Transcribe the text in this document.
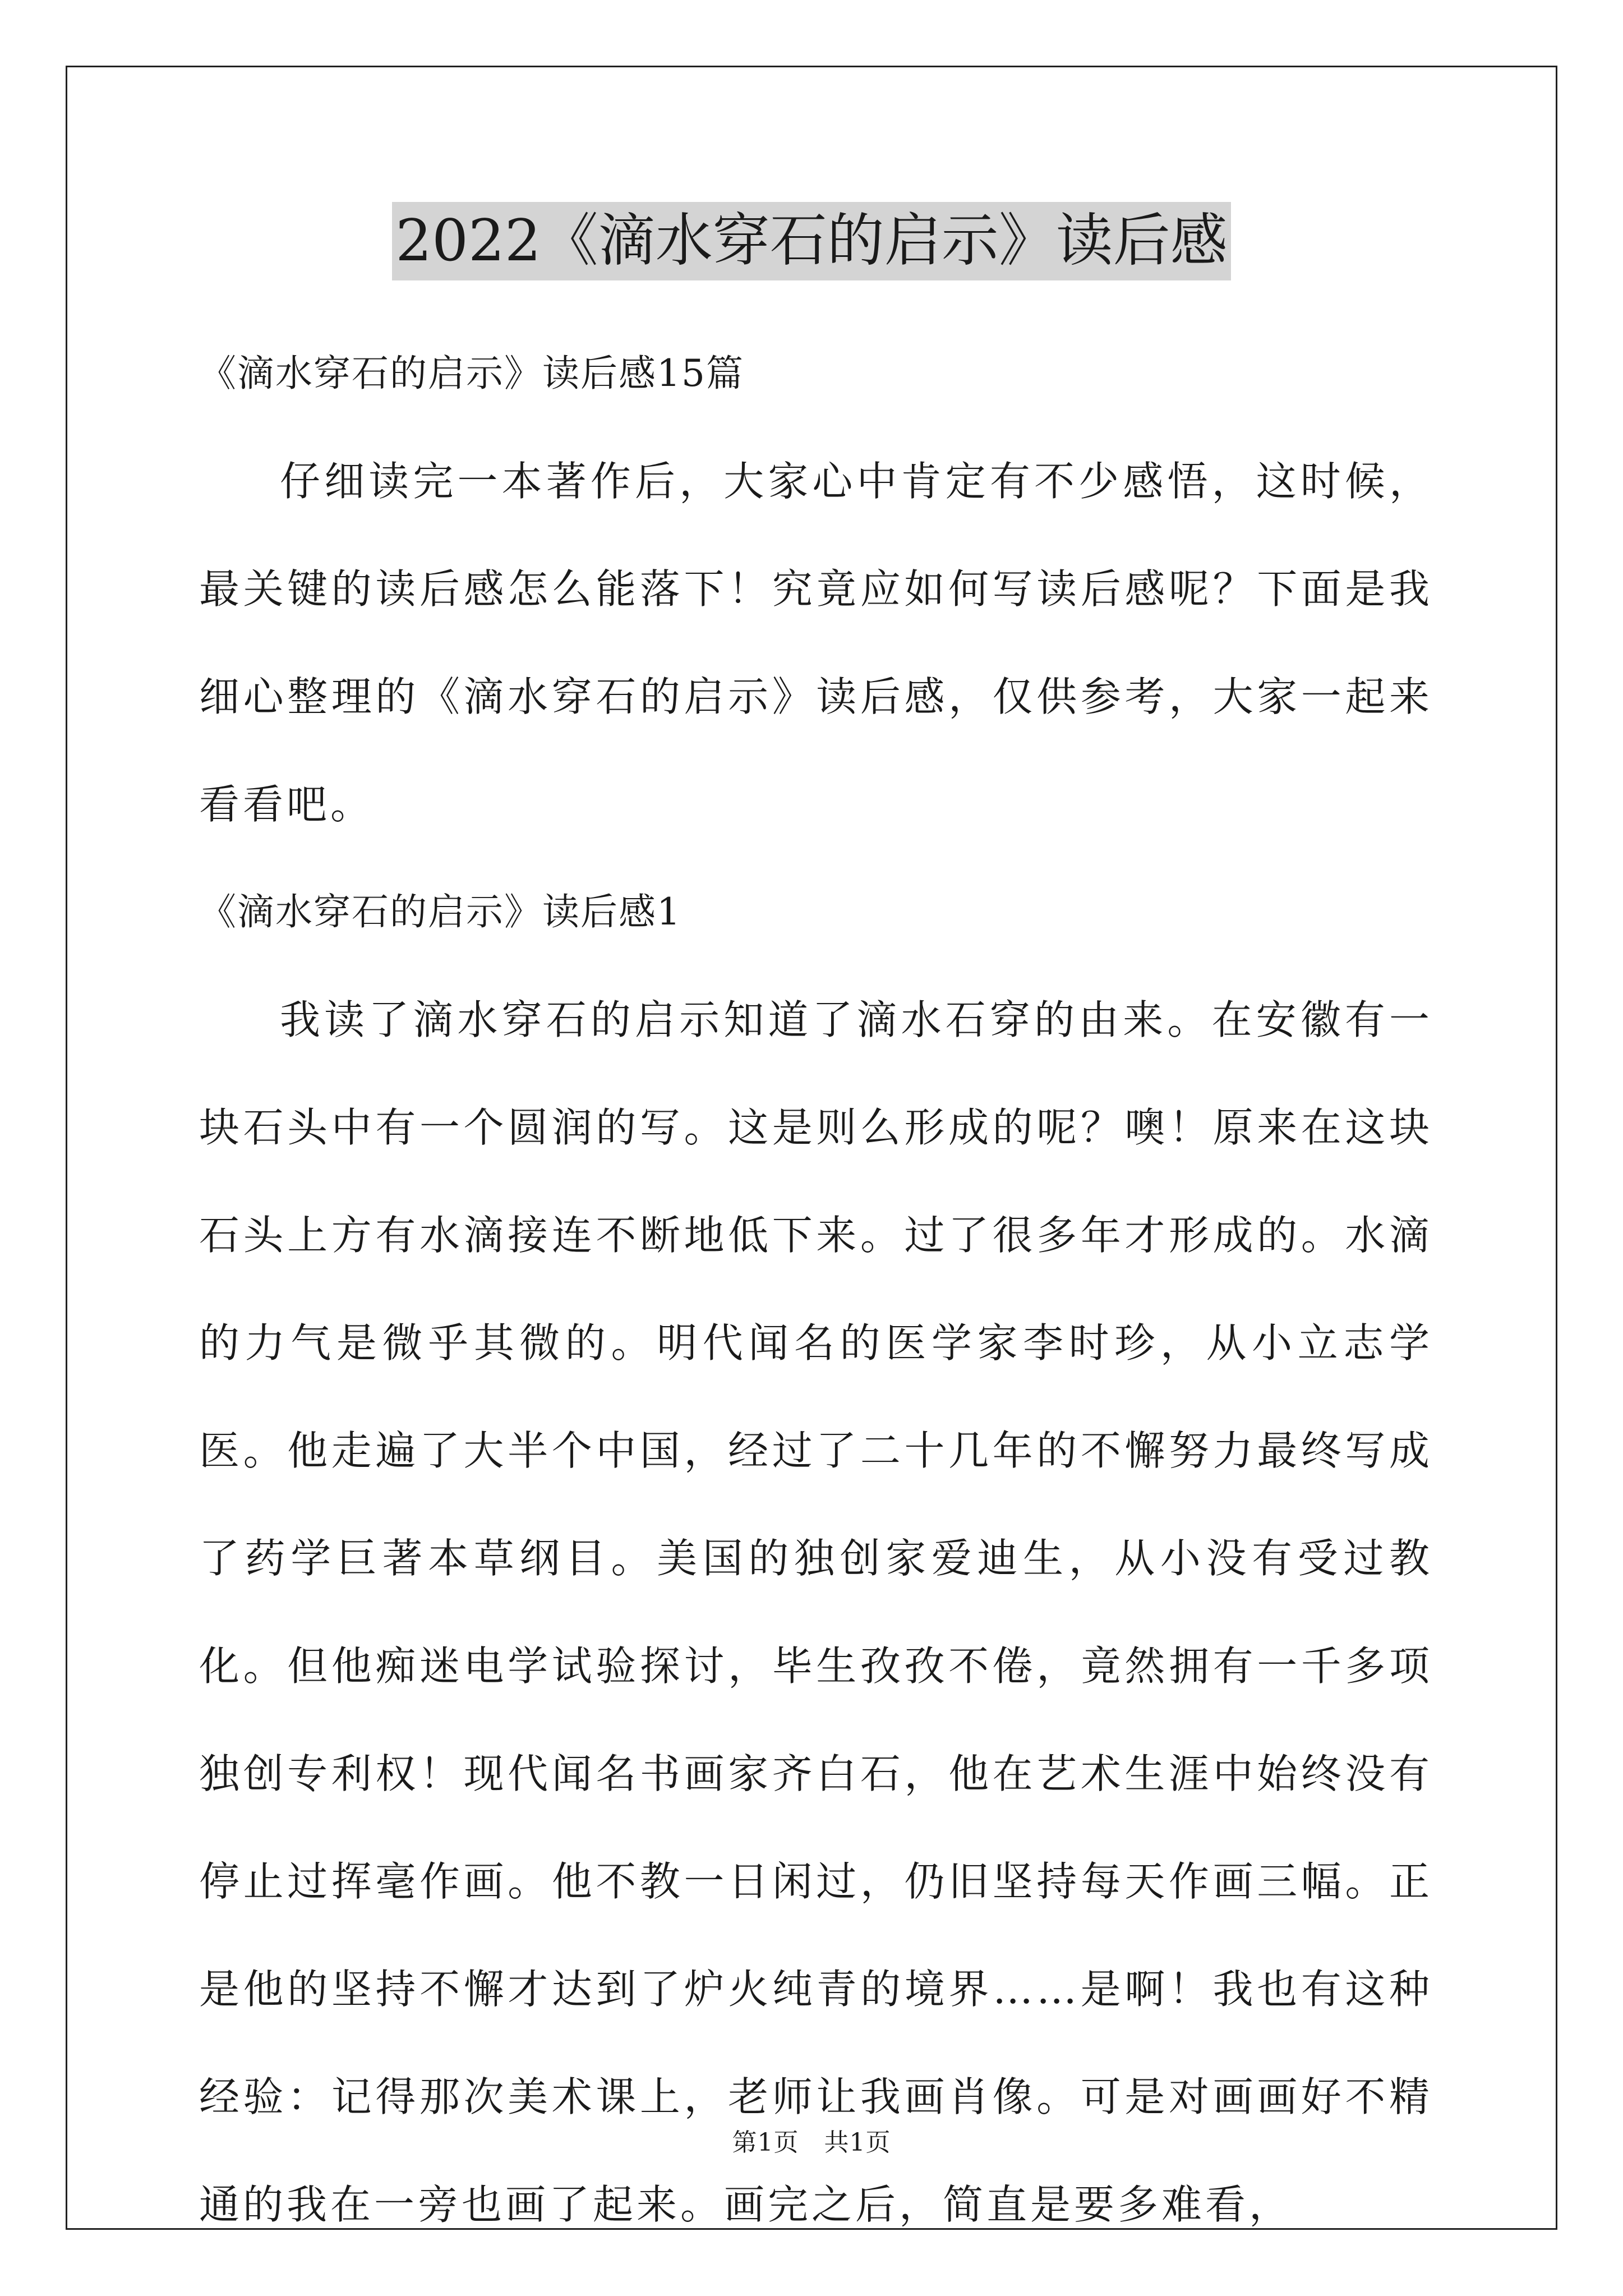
2022《滴水穿石的启示》读后感
《滴水穿石的启示》读后感15篇

仔细读完一本著作后，大家心中肯定有不少感悟，这时候，最关键的读后感怎么能落下！究竟应如何写读后感呢？下面是我细心整理的《滴水穿石的启示》读后感，仅供参考，大家一起来看看吧。

《滴水穿石的启示》读后感1

我读了滴水穿石的启示知道了滴水石穿的由来。在安徽有一块石头中有一个圆润的写。这是则么形成的呢？噢！原来在这块石头上方有水滴接连不断地低下来。过了很多年才形成的。水滴的力气是微乎其微的。明代闻名的医学家李时珍，从小立志学医。他走遍了大半个中国，经过了二十几年的不懈努力最终写成了药学巨著本草纲目。美国的独创家爱迪生，从小没有受过教化。但他痴迷电学试验探讨，毕生孜孜不倦，竟然拥有一千多项独创专利权！现代闻名书画家齐白石，他在艺术生涯中始终没有停止过挥毫作画。他不教一日闲过，仍旧坚持每天作画三幅。正是他的坚持不懈才达到了炉火纯青的境界……是啊！我也有这种经验：记得那次美术课上，老师让我画肖像。可是对画画好不精通的我在一旁也画了起来。画完之后，简直是要多难看，

第1页　共1页
